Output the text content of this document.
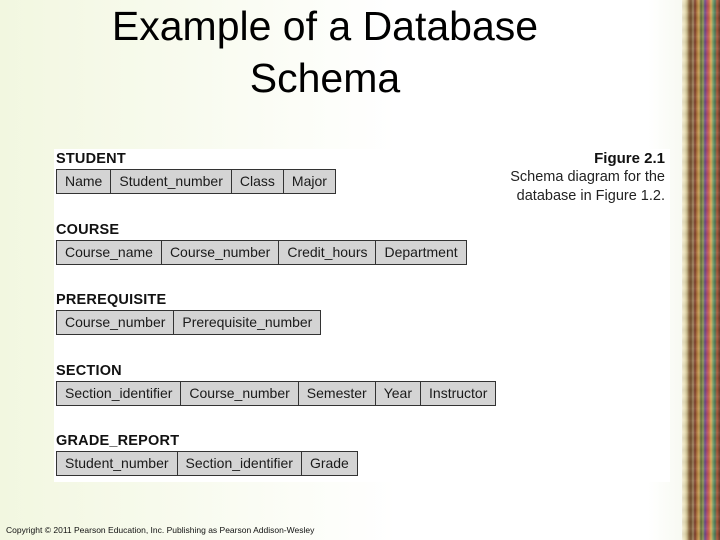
Example of a Database
Schema
Figure 2.1
Schema diagram for the
database in Figure 1.2.
STUDENT
Name	Student_number	Class	Major
COURSE
Course_name	Course_number	Credit_hours	Department
PREREQUISITE
Course_number	Prerequisite_number
SECTION
Section_identifier	Course_number	Semester	Year	Instructor
GRADE_REPORT
Student_number	Section_identifier	Grade
Copyright © 2011 Pearson Education, Inc. Publishing as Pearson Addison-Wesley
